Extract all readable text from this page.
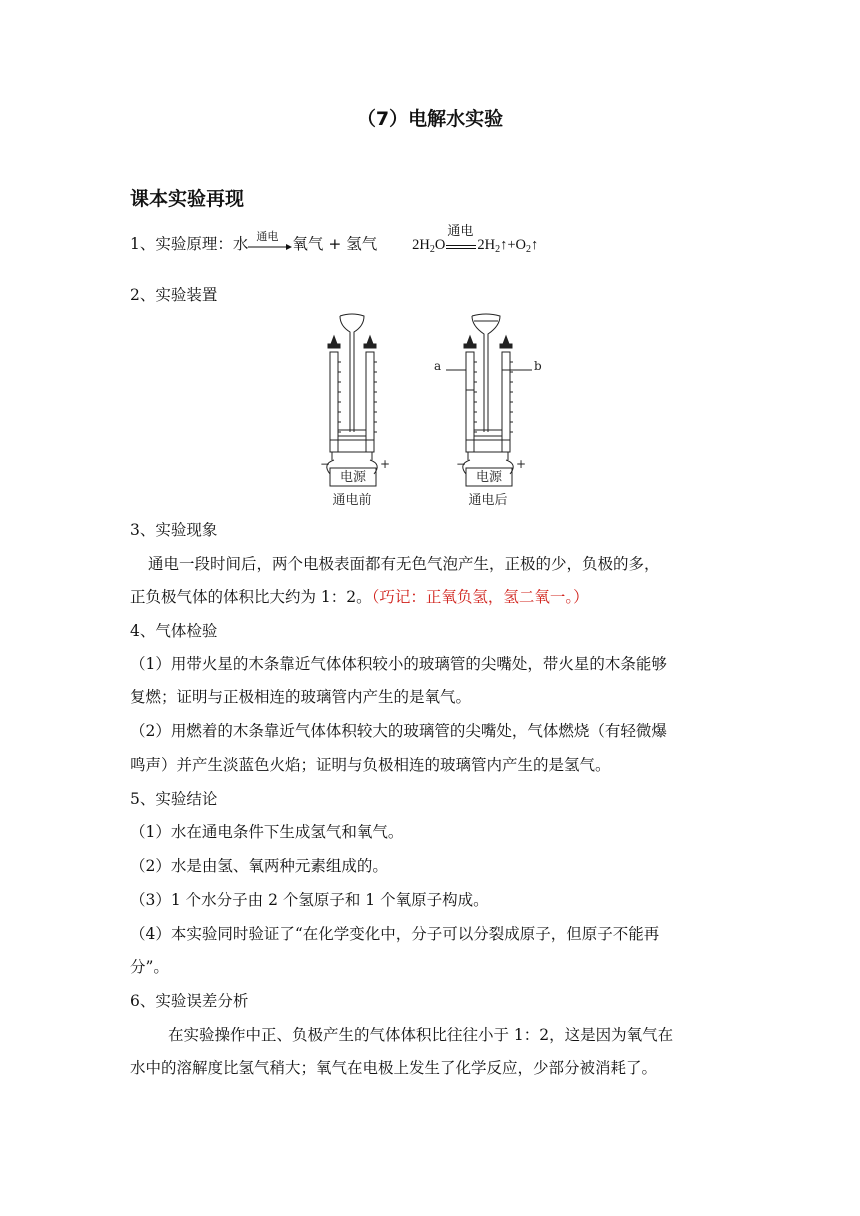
（7）电解水实验
课本实验再现
1、实验原理：水 通电 氧气 + 氢气 $2H_2O$
通电
$2H_2↑+O_2↑$
2、实验装置
电源
−	+
通电前
a	b
电源
−	+
通电后
3、实验现象
通电一段时间后，两个电极表面都有无色气泡产生，正极的少，负极的多，
正负极气体的体积比大约为 1：2。（巧记：正氧负氢，氢二氧一。）
4、气体检验
（1）用带火星的木条靠近气体体积较小的玻璃管的尖嘴处，带火星的木条能够
复燃；证明与正极相连的玻璃管内产生的是氧气。
（2）用燃着的木条靠近气体体积较大的玻璃管的尖嘴处，气体燃烧（有轻微爆
鸣声）并产生淡蓝色火焰；证明与负极相连的玻璃管内产生的是氢气。
5、实验结论
（1）水在通电条件下生成氢气和氧气。
（2）水是由氢、氧两种元素组成的。
（3）1 个水分子由 2 个氢原子和 1 个氧原子构成。
（4）本实验同时验证了“在化学变化中，分子可以分裂成原子，但原子不能再
分”。
6、实验误差分析
在实验操作中正、负极产生的气体体积比往往小于 1：2，这是因为氧气在
水中的溶解度比氢气稍大；氧气在电极上发生了化学反应，少部分被消耗了。
